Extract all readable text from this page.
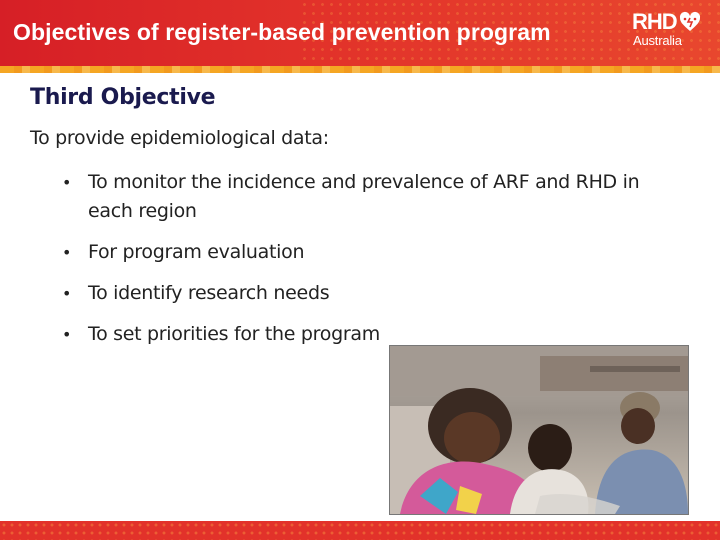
Objectives of register-based prevention program	RHD
Australia
Third Objective
To provide epidemiological data:
• To monitor the incidence and prevalence of ARF and RHD in each region
• For program evaluation
• To identify research needs
• To set priorities for the program
